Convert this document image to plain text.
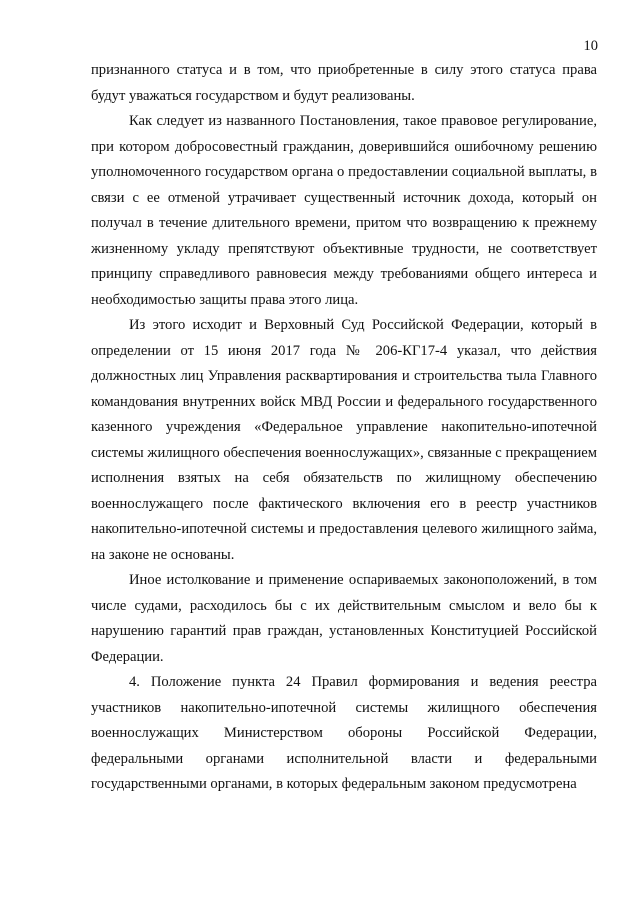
10

признанного статуса и в том, что приобретенные в силу этого статуса права будут уважаться государством и будут реализованы.

Как следует из названного Постановления, такое правовое регулирование, при котором добросовестный гражданин, доверившийся ошибочному решению уполномоченного государством органа о предоставлении социальной выплаты, в связи с ее отменой утрачивает существенный источник дохода, который он получал в течение длительного времени, притом что возвращению к прежнему жизненному укладу препятствуют объективные трудности, не соответствует принципу справедливого равновесия между требованиями общего интереса и необходимостью защиты права этого лица.

Из этого исходит и Верховный Суд Российской Федерации, который в определении от 15 июня 2017 года № 206-КГ17-4 указал, что действия должностных лиц Управления расквартирования и строительства тыла Главного командования внутренних войск МВД России и федерального государственного казенного учреждения «Федеральное управление накопительно-ипотечной системы жилищного обеспечения военнослужащих», связанные с прекращением исполнения взятых на себя обязательств по жилищному обеспечению военнослужащего после фактического включения его в реестр участников накопительно-ипотечной системы и предоставления целевого жилищного займа, на законе не основаны.

Иное истолкование и применение оспариваемых законоположений, в том числе судами, расходилось бы с их действительным смыслом и вело бы к нарушению гарантий прав граждан, установленных Конституцией Российской Федерации.

4. Положение пункта 24 Правил формирования и ведения реестра участников накопительно-ипотечной системы жилищного обеспечения военнослужащих Министерством обороны Российской Федерации, федеральными органами исполнительной власти и федеральными государственными органами, в которых федеральным законом предусмотрена
